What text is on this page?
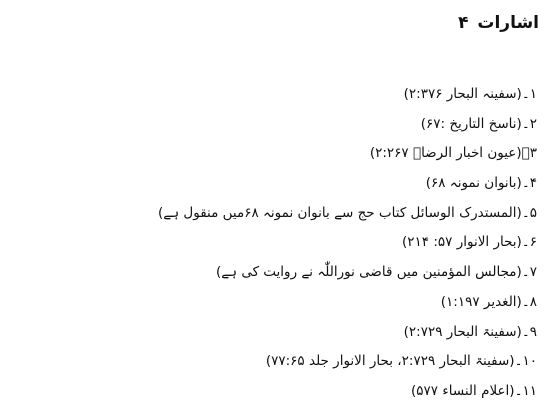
اشارات ۴
۱۔(سفینہ البحار ۲:۳۷۶)
۲۔(ناسخ التاریخ :۶۷)
۳۔(عیون اخبار الرضاؑ ۲:۲۶۷)
۴۔(بانوان نمونہ ۶۸)
۵۔(المستدرک الوسائل کتاب حج سے بانوان نمونہ ۶۸میں منقول ہے)
۶۔(بحار الانوار ۵۷: ۲۱۴)
۷۔(مجالس المؤمنین میں قاضی نوراللّٰہ نے روایت کی ہے)
۸۔(الغدیر ۱:۱۹۷)
۹۔(سفینۃ البحار ۲:۷۲۹)
۱۰۔(سفینۃ البحار ۲:۷۲۹، بحار الانوار جلد ۷۷:۶۵)
۱۱۔(اعلام النساء ۵۷۷)
